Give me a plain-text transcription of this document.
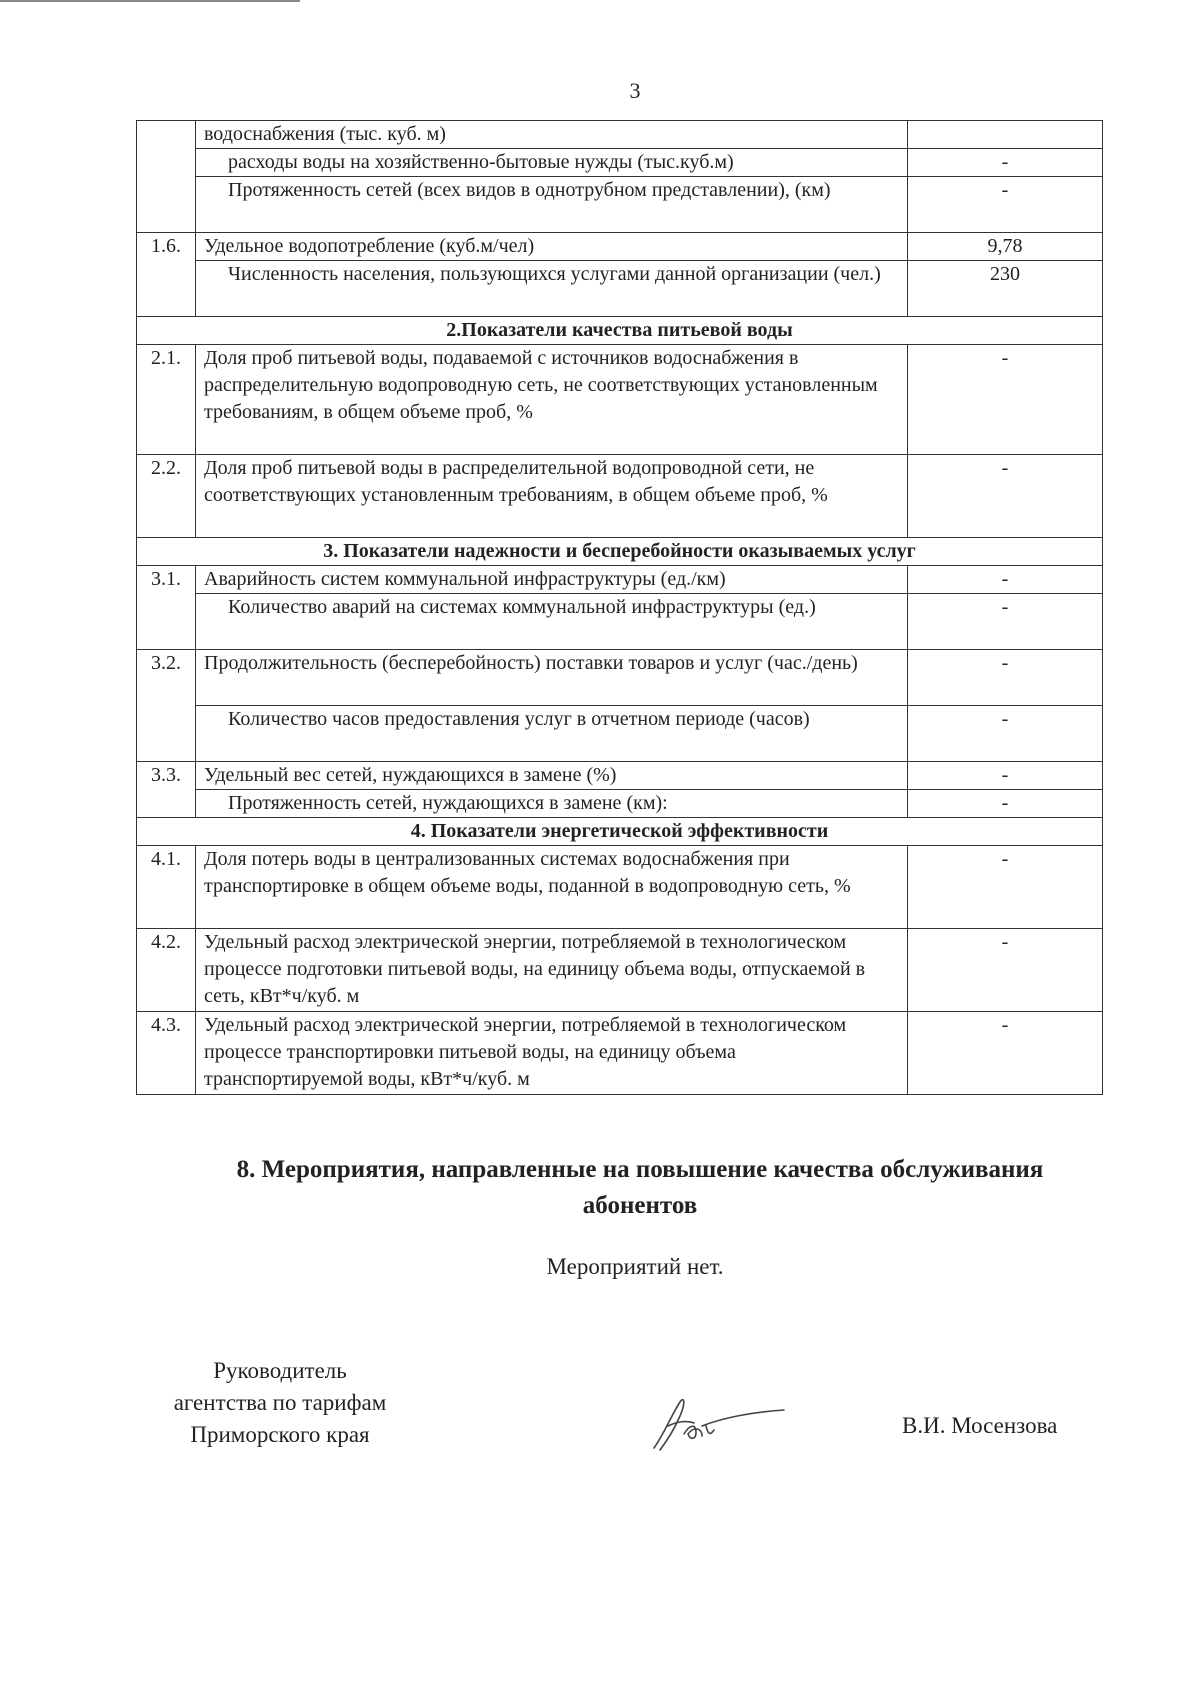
3
	водоснабжения (тыс. куб. м)	
	расходы воды на хозяйственно-бытовые нужды (тыс.куб.м)	-
	Протяженность сетей (всех видов в однотрубном представлении), (км)	-
1.6.	Удельное водопотребление (куб.м/чел)	9,78
	Численность населения, пользующихся услугами данной организации (чел.)	230
2.Показатели качества питьевой воды		
2.1.	Доля проб питьевой воды, подаваемой с источников водоснабжения в распределительную водопроводную сеть, не соответствующих установленным требованиям, в общем объеме проб, %	-
2.2.	Доля проб питьевой воды в распределительной водопроводной сети, не соответствующих установленным требованиям, в общем объеме проб, %	-
3. Показатели надежности и бесперебойности оказываемых услуг		
3.1.	Аварийность систем коммунальной инфраструктуры (ед./км)	-
	Количество аварий на системах коммунальной инфраструктуры (ед.)	-
3.2.	Продолжительность (бесперебойность) поставки товаров и услуг (час./день)	-
	Количество часов предоставления услуг в отчетном периоде (часов)	-
3.3.	Удельный вес сетей, нуждающихся в замене (%)	-
	Протяженность сетей, нуждающихся в замене (км):	-
4. Показатели энергетической эффективности		
4.1.	Доля потерь воды в централизованных системах водоснабжения при транспортировке в общем объеме воды, поданной в водопроводную сеть, %	-
4.2.	Удельный расход электрической энергии, потребляемой в технологическом процессе подготовки питьевой воды, на единицу объема воды, отпускаемой в сеть, кВт*ч/куб. м	-
4.3.	Удельный расход электрической энергии, потребляемой в технологическом процессе транспортировки питьевой воды, на единицу объема транспортируемой воды, кВт*ч/куб. м	-
8. Мероприятия, направленные на повышение качества обслуживания абонентов
Мероприятий нет.
Руководитель
агентства по тарифам
Приморского края	В.И. Мосензова
